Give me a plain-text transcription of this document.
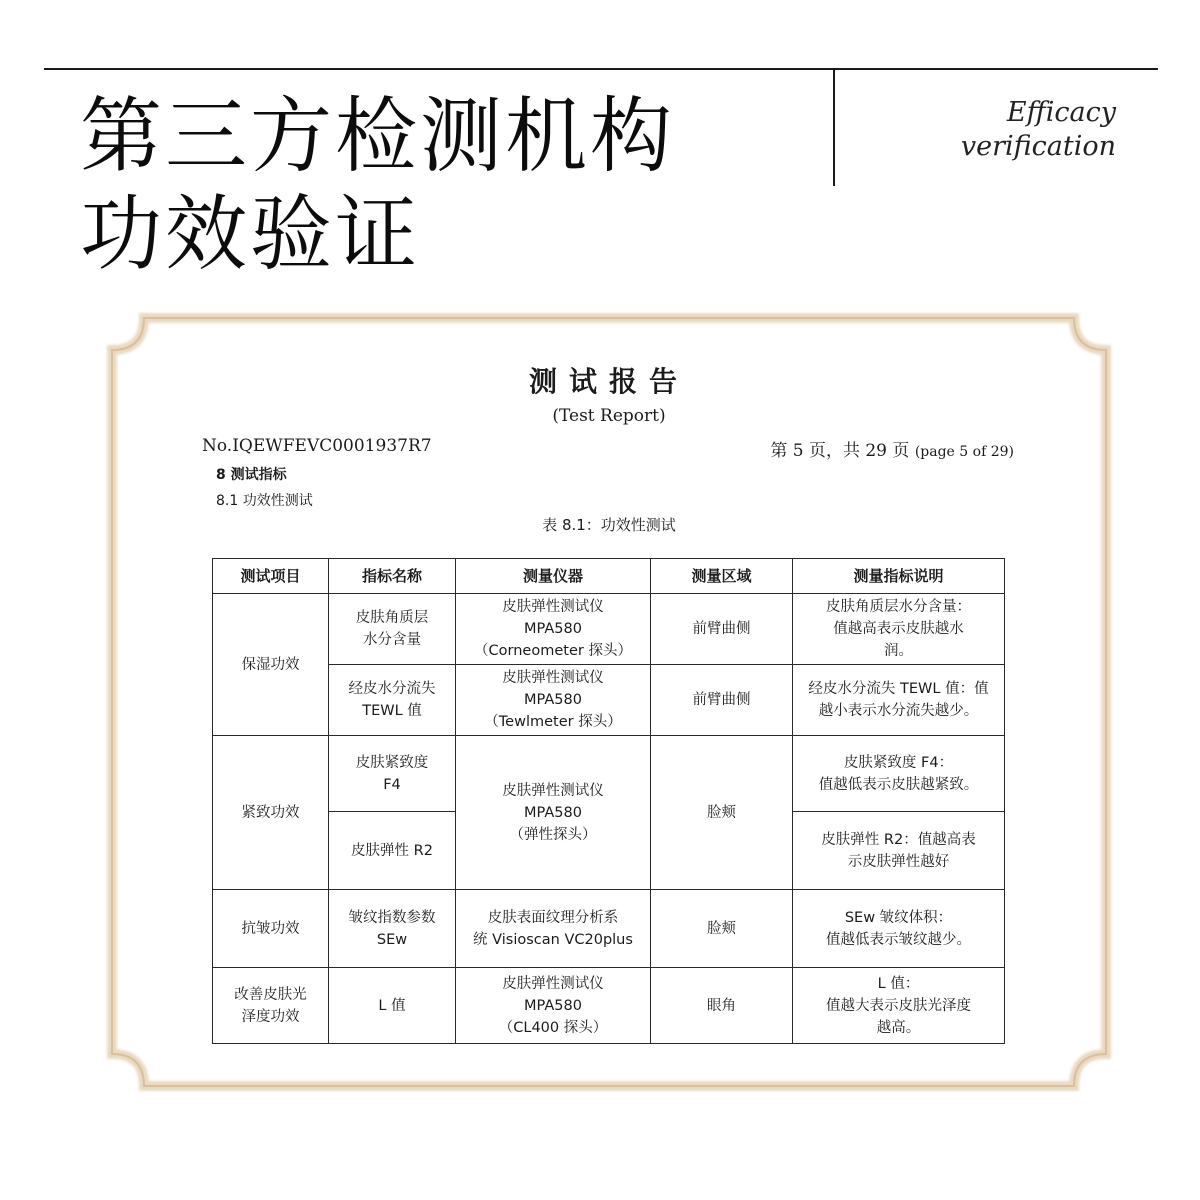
第三方检测机构
功效验证
Efficacy
verification
测试报告
(Test Report)
No.IQEWFEVC0001937R7	第 5 页，共 29 页 (page 5 of 29)
8 测试指标
8.1 功效性测试
表 8.1：功效性测试
测试项目	指标名称	测量仪器	测量区域	测量指标说明

保湿功效	皮肤角质层
水分含量	皮肤弹性测试仪
MPA580
（Corneometer 探头）	前臂曲侧	皮肤角质层水分含量：
值越高表示皮肤越水
润。

	经皮水分流失
TEWL 值	皮肤弹性测试仪
MPA580
（Tewlmeter 探头）	前臂曲侧	经皮水分流失 TEWL 值：值
越小表示水分流失越少。

紧致功效	皮肤紧致度
F4	皮肤弹性测试仪
MPA580
（弹性探头）	脸颊	皮肤紧致度 F4：
值越低表示皮肤越紧致。

	皮肤弹性 R2			皮肤弹性 R2：值越高表
示皮肤弹性越好

抗皱功效	皱纹指数参数
SEw	皮肤表面纹理分析系
统 Visioscan VC20plus	脸颊	SEw 皱纹体积：
值越低表示皱纹越少。

改善皮肤光
泽度功效	L 值	皮肤弹性测试仪
MPA580
（CL400 探头）	眼角	L 值：
值越大表示皮肤光泽度
越高。
